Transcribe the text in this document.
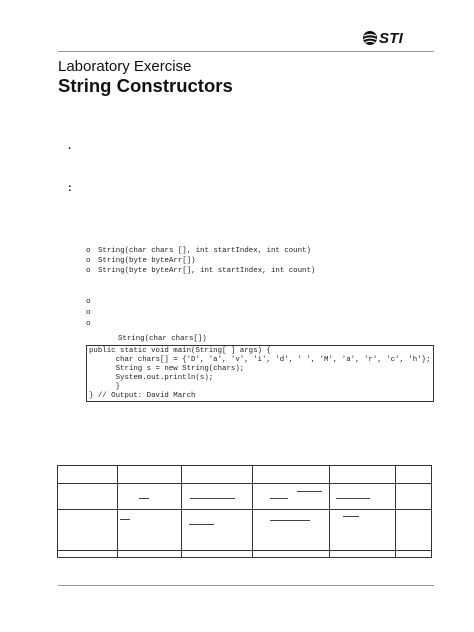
STI
Laboratory Exercise
String Constructors
.
:
o String(char chars [], int startIndex, int count)
o String(byte byteArr[])
o String(byte byteArr[], int startIndex, int count)
o
o
o
String(char chars[])
public static void main(String[ ] args) {
char chars[] = {'D', 'a', 'v', 'i', 'd', ' ', 'M', 'a', 'r', 'c', 'h'};
String s = new String(chars);
System.out.println(s);
}
} // Output: David March
